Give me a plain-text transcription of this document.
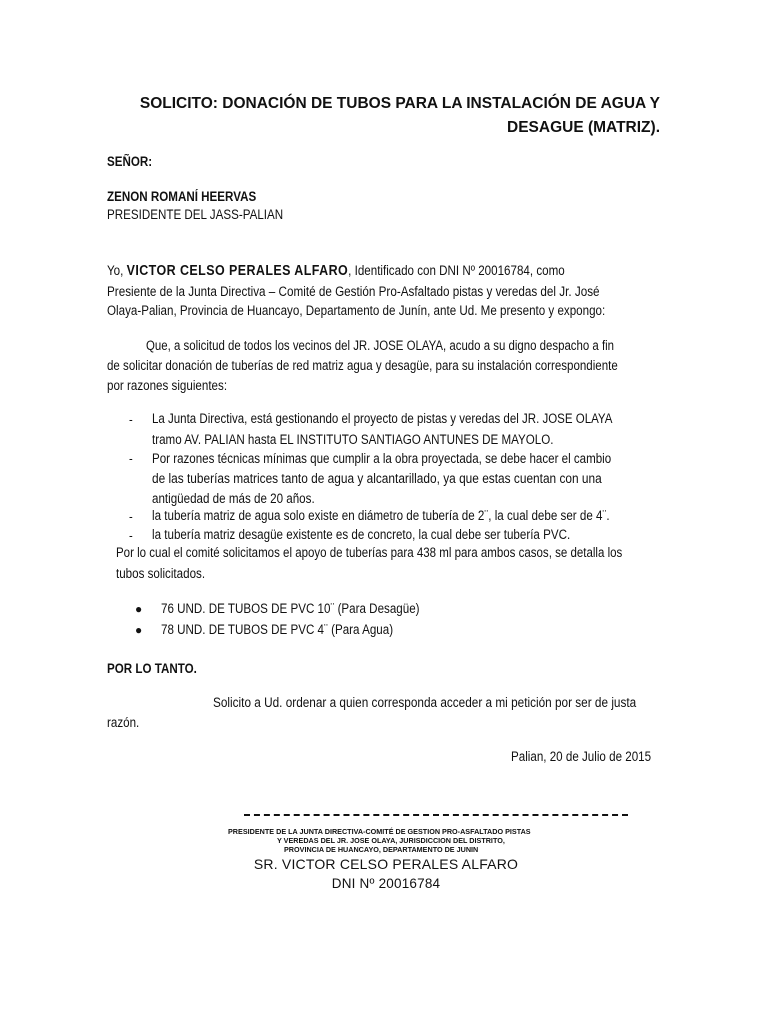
SOLICITO: DONACIÓN DE TUBOS PARA LA INSTALACIÓN DE AGUA Y
DESAGUE (MATRIZ).
SEÑOR:
ZENON ROMANÍ HEERVAS
PRESIDENTE DEL JASS-PALIAN
Yo, VICTOR CELSO PERALES ALFARO, Identificado con DNI Nº 20016784, como
Presiente de la Junta Directiva – Comité de Gestión Pro-Asfaltado pistas y veredas del Jr. José
Olaya-Palian, Provincia de Huancayo, Departamento de Junín, ante Ud. Me presento y expongo:
Que, a solicitud de todos los vecinos del JR. JOSE OLAYA, acudo a su digno despacho a fin
de solicitar donación de tuberías de red matriz agua y desagüe, para su instalación correspondiente
por razones siguientes:
- La Junta Directiva, está gestionando el proyecto de pistas y veredas del JR. JOSE OLAYA
tramo AV. PALIAN hasta EL INSTITUTO SANTIAGO ANTUNES DE MAYOLO.
- Por razones técnicas mínimas que cumplir a la obra proyectada, se debe hacer el cambio
de las tuberías matrices tanto de agua y alcantarillado, ya que estas cuentan con una
antigüedad de más de 20 años.
- la tubería matriz de agua solo existe en diámetro de tubería de 2¨, la cual debe ser de 4¨.
- la tubería matriz desagüe existente es de concreto, la cual debe ser tubería PVC.
Por lo cual el comité solicitamos el apoyo de tuberías para 438 ml para ambos casos, se detalla los
tubos solicitados.
● 76 UND. DE TUBOS DE PVC 10¨ (Para Desagüe)
● 78 UND. DE TUBOS DE PVC 4¨ (Para Agua)
POR LO TANTO.
Solicito a Ud. ordenar a quien corresponda acceder a mi petición por ser de justa
razón.
Palian, 20 de Julio de 2015
PRESIDENTE DE LA JUNTA DIRECTIVA-COMITÉ DE GESTION PRO-ASFALTADO PISTAS
Y VEREDAS DEL JR. JOSE OLAYA, JURISDICCION DEL DISTRITO,
PROVINCIA DE HUANCAYO, DEPARTAMENTO DE JUNIN
SR. VICTOR CELSO PERALES ALFARO
DNI Nº 20016784
